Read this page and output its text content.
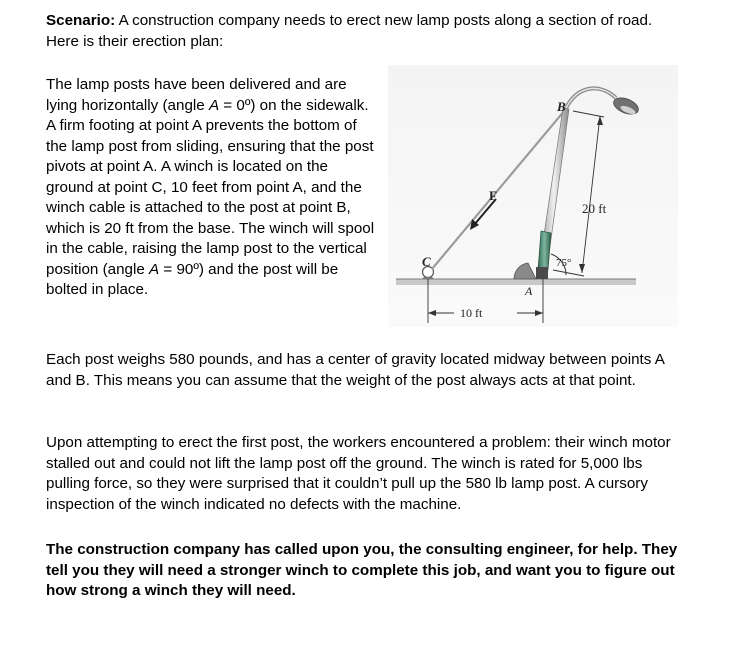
Scenario: A construction company needs to erect new lamp posts along a section of road. Here is their erection plan:

The lamp posts have been delivered and are lying horizontally (angle A = 0º) on the sidewalk. A firm footing at point A prevents the bottom of the lamp post from sliding, ensuring that the post pivots at point A. A winch is located on the ground at point C, 10 feet from point A, and the winch cable is attached to the post at point B, which is 20 ft from the base. The winch will spool in the cable, raising the lamp post to the vertical position (angle A = 90º) and the post will be bolted in place.

B
C
F
A
20 ft
75°
10 ft

Each post weighs 580 pounds, and has a center of gravity located midway between points A and B. This means you can assume that the weight of the post always acts at that point.

Upon attempting to erect the first post, the workers encountered a problem: their winch motor stalled out and could not lift the lamp post off the ground. The winch is rated for 5,000 lbs pulling force, so they were surprised that it couldn’t pull up the 580 lb lamp post. A cursory inspection of the winch indicated no defects with the machine.

The construction company has called upon you, the consulting engineer, for help. They tell you they will need a stronger winch to complete this job, and want you to figure out how strong a winch they will need.
